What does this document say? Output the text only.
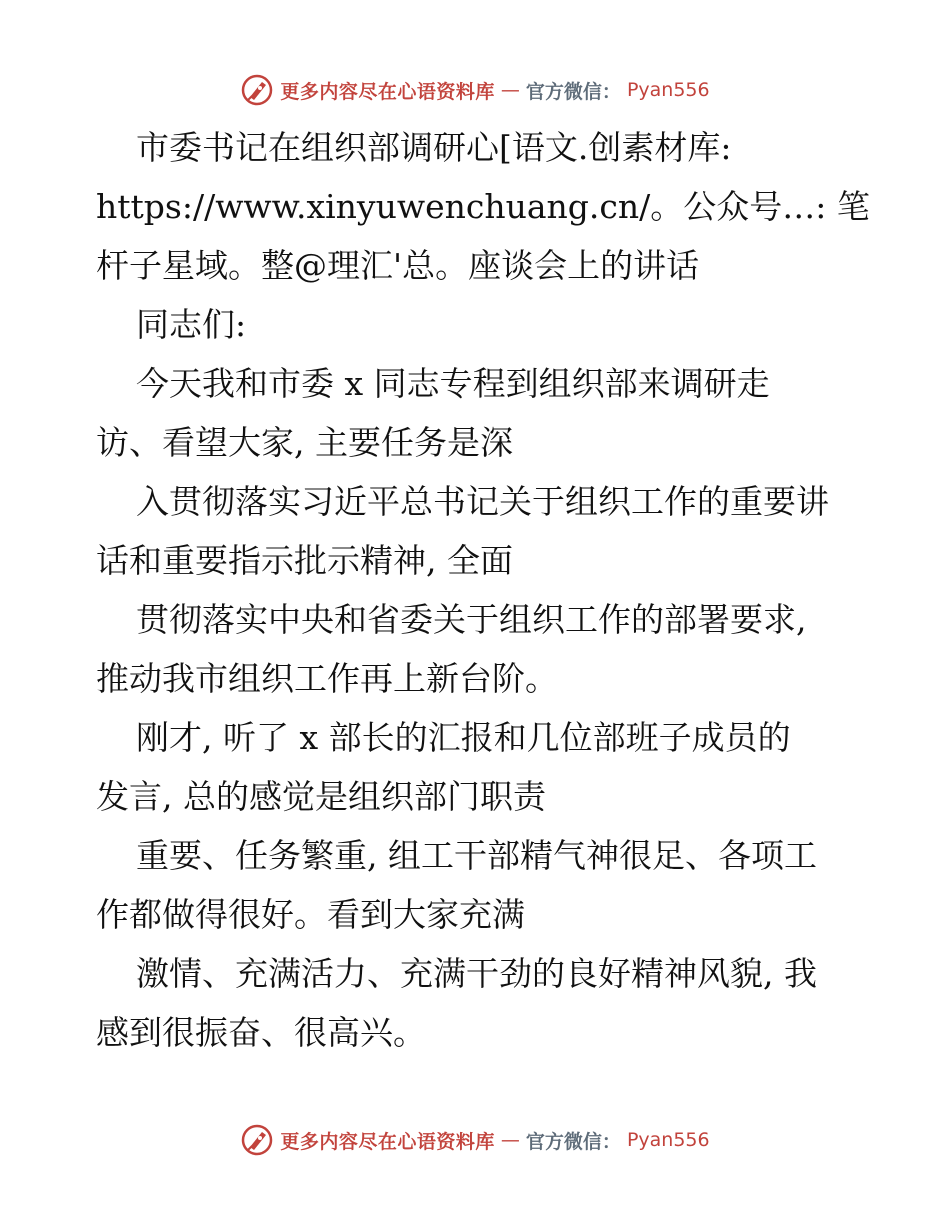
更多内容尽在心语资料库 — 官方微信： Pyan556
市委书记在组织部调研心[语文.创素材库:
https://www.xinyuwenchuang.cn/。公众号…: 笔
杆子星域。整@理汇'总。座谈会上的讲话
同志们:
今天我和市委 x 同志专程到组织部来调研走
访、看望大家, 主要任务是深
入贯彻落实习近平总书记关于组织工作的重要讲
话和重要指示批示精神, 全面
贯彻落实中央和省委关于组织工作的部署要求,
推动我市组织工作再上新台阶。
刚才, 听了 x 部长的汇报和几位部班子成员的
发言, 总的感觉是组织部门职责
重要、任务繁重, 组工干部精气神很足、各项工
作都做得很好。看到大家充满
激情、充满活力、充满干劲的良好精神风貌, 我
感到很振奋、很高兴。
更多内容尽在心语资料库 — 官方微信： Pyan556
